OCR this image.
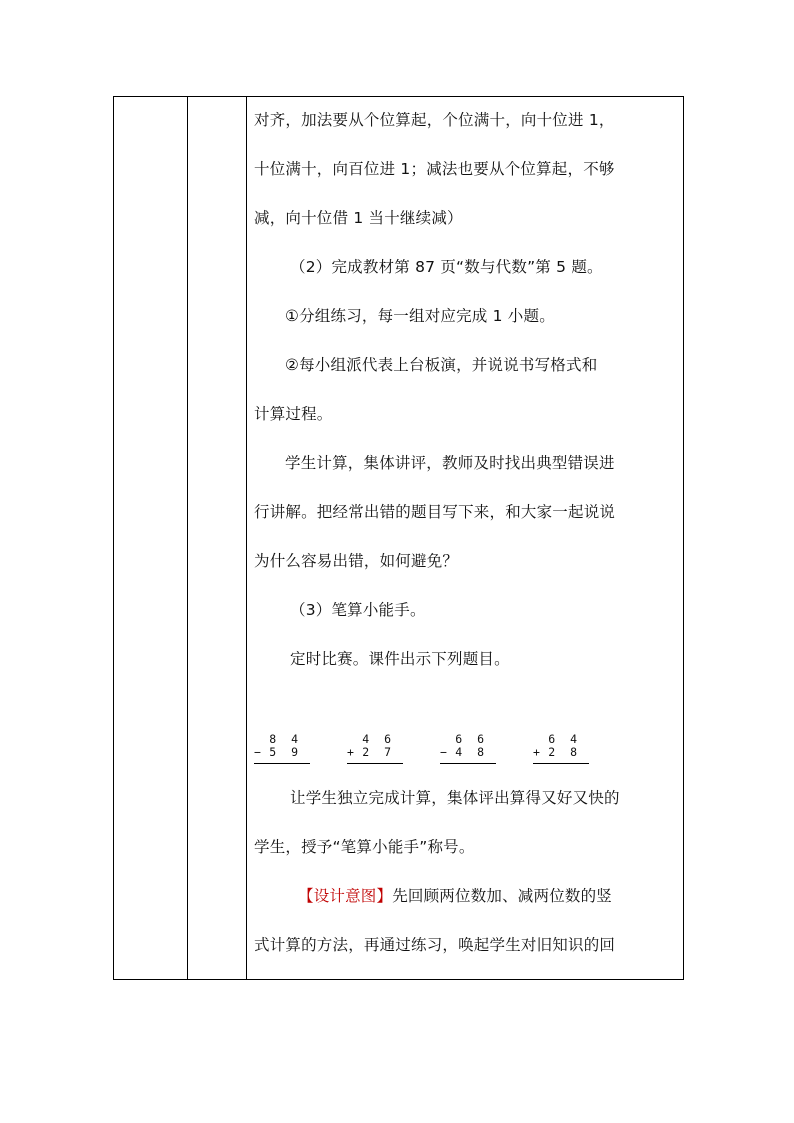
对齐，加法要从个位算起，个位满十，向十位进 1，
十位满十，向百位进 1；减法也要从个位算起，不够
减，向十位借 1 当十继续减）
（2）完成教材第 87 页“数与代数”第 5 题。
①分组练习，每一组对应完成 1 小题。
②每小组派代表上台板演，并说说书写格式和
计算过程。
学生计算，集体讲评，教师及时找出典型错误进
行讲解。把经常出错的题目写下来，和大家一起说说
为什么容易出错，如何避免？
（3）笔算小能手。
定时比赛。课件出示下列题目。
让学生独立完成计算，集体评出算得又好又快的
学生，授予“笔算小能手”称号。
【设计意图】先回顾两位数加、减两位数的竖
式计算的方法，再通过练习，唤起学生对旧知识的回
8 4
− 5 9
4 6
+ 2 7
6 6
− 4 8
6 4
+ 2 8
